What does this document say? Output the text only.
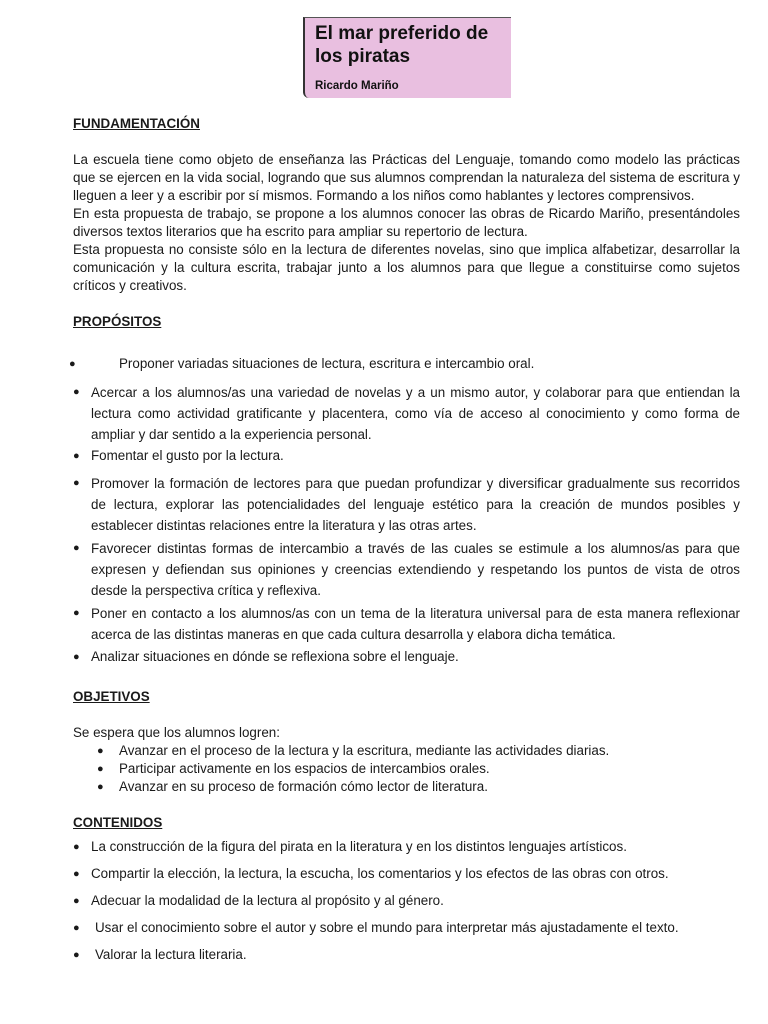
El mar preferido de los piratas
Ricardo Mariño

FUNDAMENTACIÓN

La escuela tiene como objeto de enseñanza las Prácticas del Lenguaje, tomando como modelo las prácticas que se ejercen en la vida social, logrando que sus alumnos comprendan la naturaleza del sistema de escritura y lleguen a leer y a escribir por sí mismos. Formando a los niños como hablantes y lectores comprensivos.

En esta propuesta de trabajo, se propone a los alumnos conocer las obras de Ricardo Mariño, presentándoles diversos textos literarios que ha escrito para ampliar su repertorio de lectura.

Esta propuesta no consiste sólo en la lectura de diferentes novelas, sino que implica alfabetizar, desarrollar la comunicación y la cultura escrita, trabajar junto a los alumnos para que llegue a constituirse como sujetos críticos y creativos.

PROPÓSITOS

●	Proponer variadas situaciones de lectura, escritura e intercambio oral.
● Acercar a los alumnos/as una variedad de novelas y a un mismo autor, y colaborar para que entiendan la lectura como actividad gratificante y placentera, como vía de acceso al conocimiento y como forma de ampliar y dar sentido a la experiencia personal.
● Fomentar el gusto por la lectura.
● Promover la formación de lectores para que puedan profundizar y diversificar gradualmente sus recorridos de lectura, explorar las potencialidades del lenguaje estético para la creación de mundos posibles y establecer distintas relaciones entre la literatura y las otras artes.
● Favorecer distintas formas de intercambio a través de las cuales se estimule a los alumnos/as para que expresen y defiendan sus opiniones y creencias extendiendo y respetando los puntos de vista de otros desde la perspectiva crítica y reflexiva.
● Poner en contacto a los alumnos/as con un tema de la literatura universal para de esta manera reflexionar acerca de las distintas maneras en que cada cultura desarrolla y elabora dicha temática.
● Analizar situaciones en dónde se reflexiona sobre el lenguaje.

OBJETIVOS

Se espera que los alumnos logren:

● Avanzar en el proceso de la lectura y la escritura, mediante las actividades diarias.
● Participar activamente en los espacios de intercambios orales.
● Avanzar en su proceso de formación cómo lector de literatura.

CONTENIDOS

● La construcción de la figura del pirata en la literatura y en los distintos lenguajes artísticos.
● Compartir la elección, la lectura, la escucha, los comentarios y los efectos de las obras con otros.
● Adecuar la modalidad de la lectura al propósito y al género.
● Usar el conocimiento sobre el autor y sobre el mundo para interpretar más ajustadamente el texto.
● Valorar la lectura literaria.
